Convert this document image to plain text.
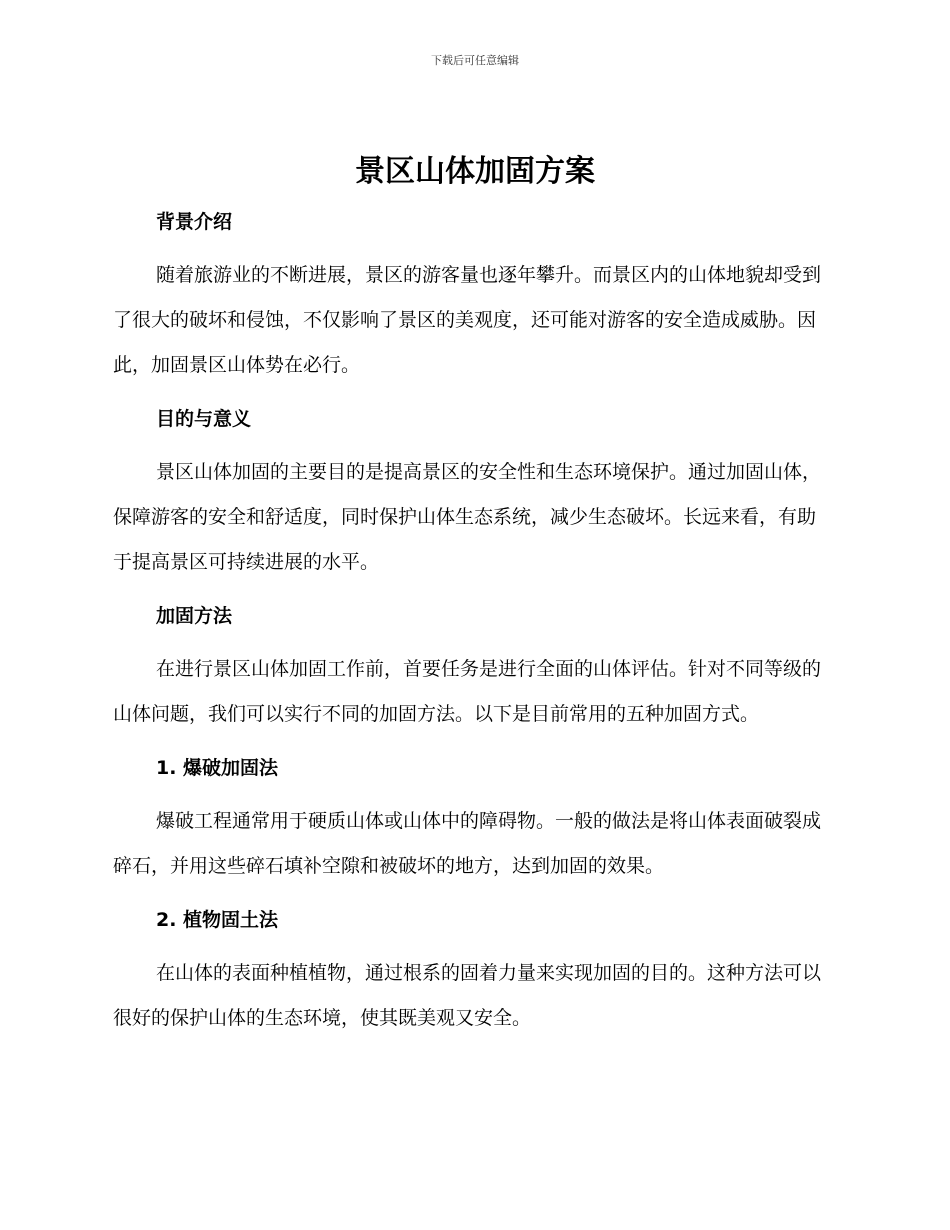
下载后可任意编辑
景区山体加固方案
背景介绍

随着旅游业的不断进展，景区的游客量也逐年攀升。而景区内的山体地貌却受到了很大的破坏和侵蚀，不仅影响了景区的美观度，还可能对游客的安全造成威胁。因此，加固景区山体势在必行。

目的与意义

景区山体加固的主要目的是提高景区的安全性和生态环境保护。通过加固山体，保障游客的安全和舒适度，同时保护山体生态系统，减少生态破坏。长远来看，有助于提高景区可持续进展的水平。

加固方法

在进行景区山体加固工作前，首要任务是进行全面的山体评估。针对不同等级的山体问题，我们可以实行不同的加固方法。以下是目前常用的五种加固方式。

1. 爆破加固法

爆破工程通常用于硬质山体或山体中的障碍物。一般的做法是将山体表面破裂成碎石，并用这些碎石填补空隙和被破坏的地方，达到加固的效果。

2. 植物固土法

在山体的表面种植植物，通过根系的固着力量来实现加固的目的。这种方法可以很好的保护山体的生态环境，使其既美观又安全。
